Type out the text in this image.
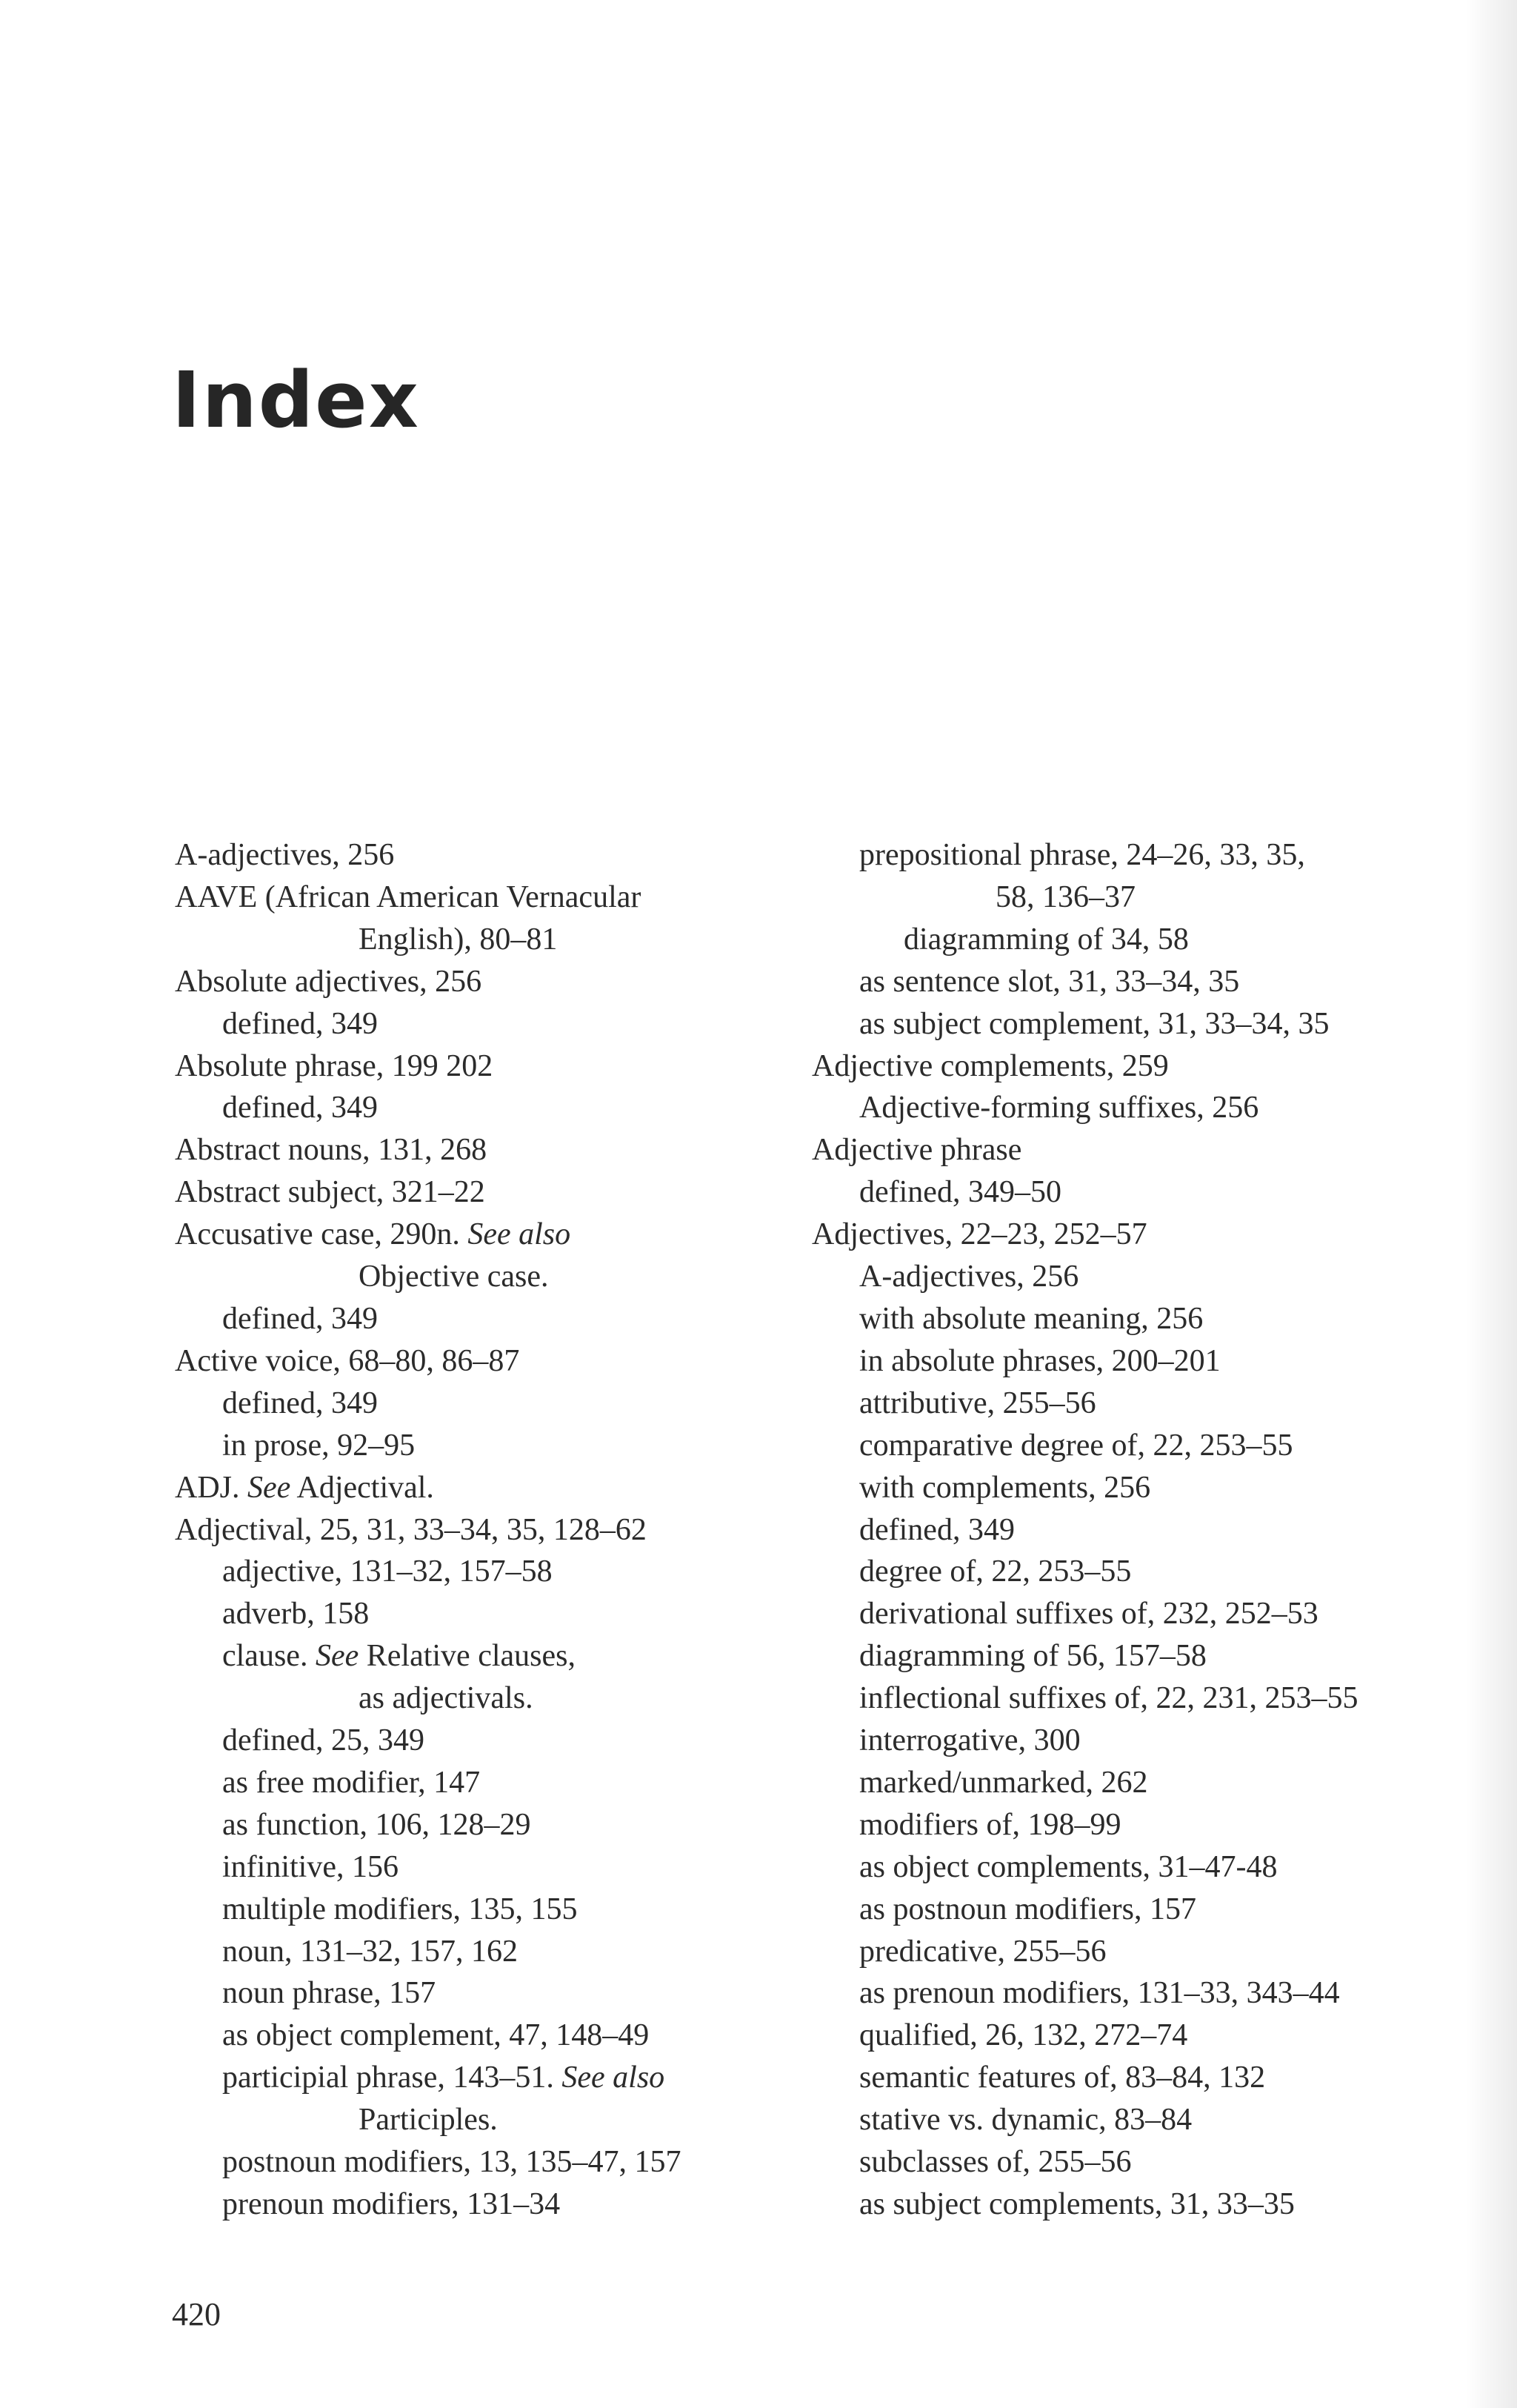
Index

A-adjectives, 256

AAVE (African American Vernacular

English), 80–81

Absolute adjectives, 256

defined, 349

Absolute phrase, 199 202

defined, 349

Abstract nouns, 131, 268

Abstract subject, 321–22

Accusative case, 290n. See also

Objective case.

defined, 349

Active voice, 68–80, 86–87

defined, 349

in prose, 92–95

ADJ. See Adjectival.

Adjectival, 25, 31, 33–34, 35, 128–62

adjective, 131–32, 157–58

adverb, 158

clause. See Relative clauses,

as adjectivals.

defined, 25, 349

as free modifier, 147

as function, 106, 128–29

infinitive, 156

multiple modifiers, 135, 155

noun, 131–32, 157, 162

noun phrase, 157

as object complement, 47, 148–49

participial phrase, 143–51. See also

Participles.

postnoun modifiers, 13, 135–47, 157

prenoun modifiers, 131–34

prepositional phrase, 24–26, 33, 35,

58, 136–37

diagramming of 34, 58

as sentence slot, 31, 33–34, 35

as subject complement, 31, 33–34, 35

Adjective complements, 259

Adjective-forming suffixes, 256

Adjective phrase

defined, 349–50

Adjectives, 22–23, 252–57

A-adjectives, 256

with absolute meaning, 256

in absolute phrases, 200–201

attributive, 255–56

comparative degree of, 22, 253–55

with complements, 256

defined, 349

degree of, 22, 253–55

derivational suffixes of, 232, 252–53

diagramming of 56, 157–58

inflectional suffixes of, 22, 231, 253–55

interrogative, 300

marked/unmarked, 262

modifiers of, 198–99

as object complements, 31–47-48

as postnoun modifiers, 157

predicative, 255–56

as prenoun modifiers, 131–33, 343–44

qualified, 26, 132, 272–74

semantic features of, 83–84, 132

stative vs. dynamic, 83–84

subclasses of, 255–56

as subject complements, 31, 33–35

420
